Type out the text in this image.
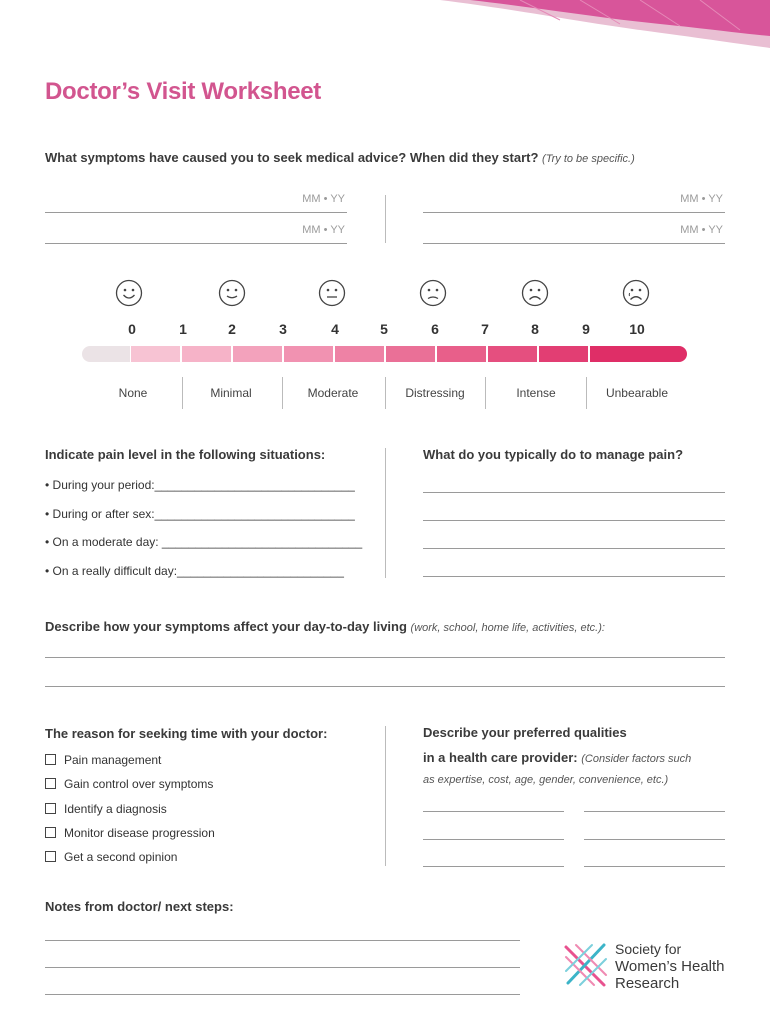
Doctor’s Visit Worksheet
What symptoms have caused you to seek medical advice? When did they start? (Try to be specific.)
MM • YY
MM • YY
MM • YY
MM • YY
0	1	2	3	4	5	6	7	8	9	10
None	Minimal	Moderate	Distressing	Intense	Unbearable
Indicate pain level in the following situations:
• During your period:______________________________
• During or after sex:______________________________
• On a moderate day: ______________________________
• On a really difficult day:_________________________
What do you typically do to manage pain?
Describe how your symptoms affect your day-to-day living (work, school, home life, activities, etc.):
The reason for seeking time with your doctor:
Pain management
Gain control over symptoms
Identify a diagnosis
Monitor disease progression
Get a second opinion
Describe your preferred qualities
in a health care provider: (Consider factors such
as expertise, cost, age, gender, convenience, etc.)
Notes from doctor/ next steps:
Society for
Women’s Health
Research
